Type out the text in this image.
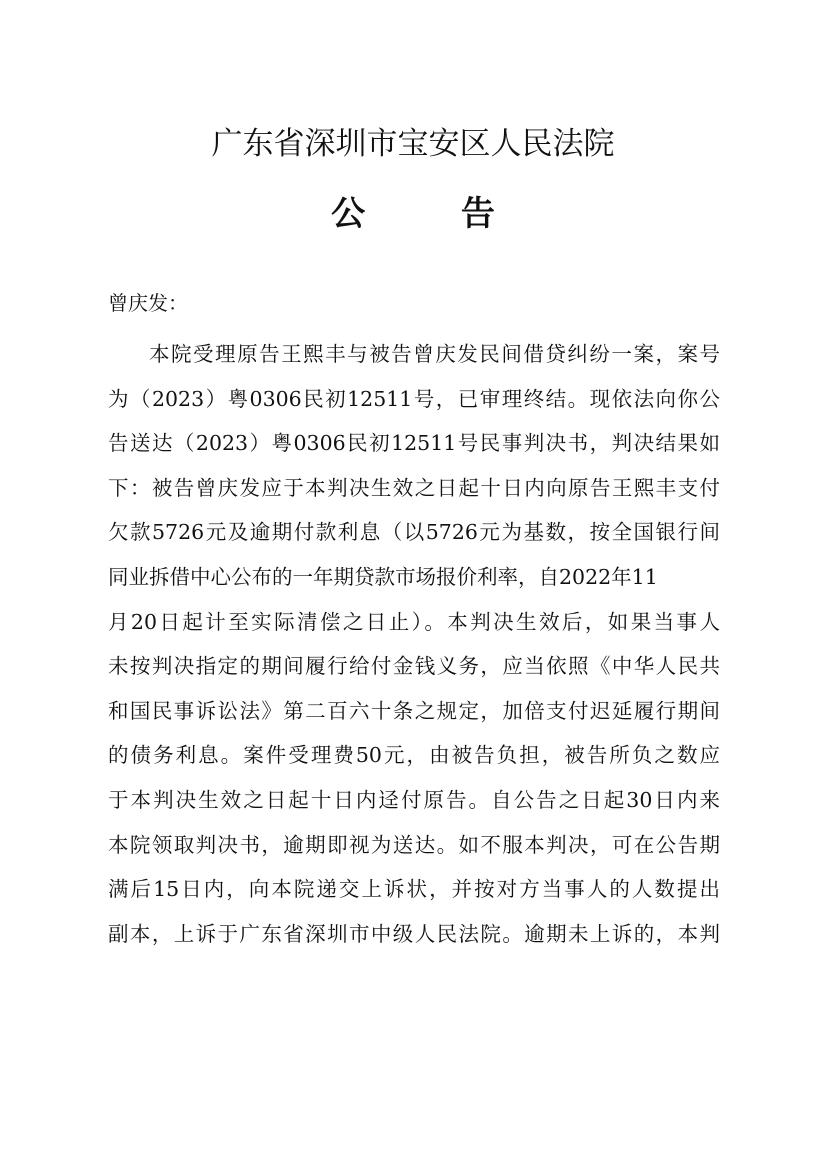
广东省深圳市宝安区人民法院
公 告
曾庆发：
本院受理原告王熙丰与被告曾庆发民间借贷纠纷一案，案号
为（2023）粤0306民初12511号，已审理终结。现依法向你公
告送达（2023）粤0306民初12511号民事判决书，判决结果如
下：被告曾庆发应于本判决生效之日起十日内向原告王熙丰支付
欠款5726元及逾期付款利息（以5726元为基数，按全国银行间
同业拆借中心公布的一年期贷款市场报价利率，自2022年11
月20日起计至实际清偿之日止）。本判决生效后，如果当事人
未按判决指定的期间履行给付金钱义务，应当依照《中华人民共
和国民事诉讼法》第二百六十条之规定，加倍支付迟延履行期间
的债务利息。案件受理费50元，由被告负担，被告所负之数应
于本判决生效之日起十日内迳付原告。自公告之日起30日内来
本院领取判决书，逾期即视为送达。如不服本判决，可在公告期
满后15日内，向本院递交上诉状，并按对方当事人的人数提出
副本，上诉于广东省深圳市中级人民法院。逾期未上诉的，本判
